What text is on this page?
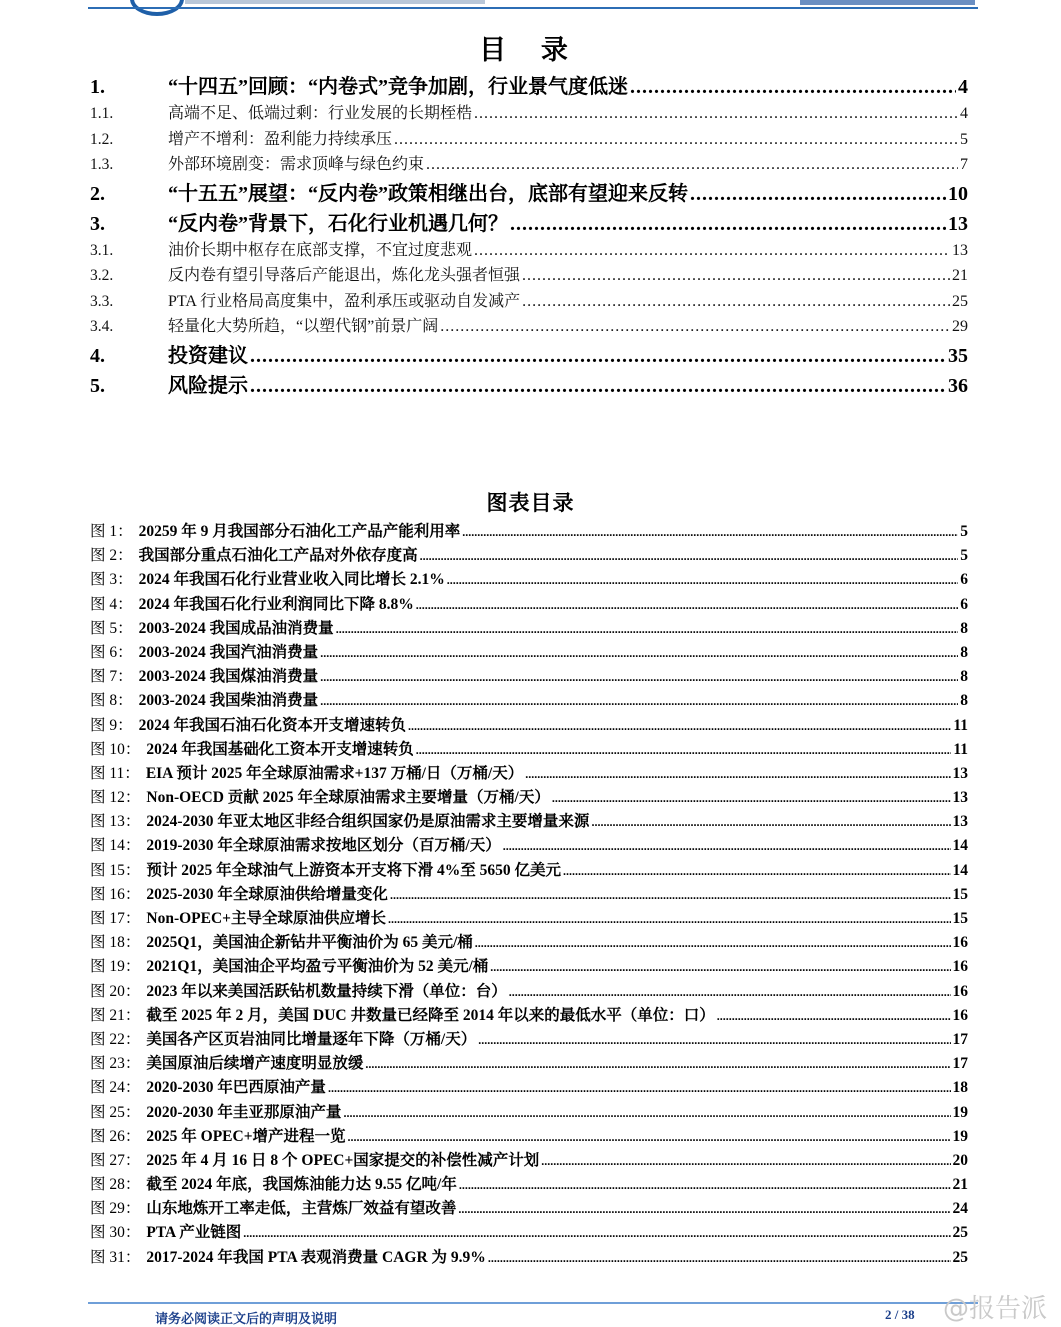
目 录
1.	“十四五”回顾：“内卷式”竞争加剧，行业景气度低迷 .....	4
1.1.	高端不足、低端过剩：行业发展的长期桎梏 .....	4
1.2.	增产不增利：盈利能力持续承压 .....	5
1.3.	外部环境剧变：需求顶峰与绿色约束 .....	7
2.	“十五五”展望：“反内卷”政策相继出台，底部有望迎来反转 .....	10
3.	“反内卷”背景下，石化行业机遇几何？ .....	13
3.1.	油价长期中枢存在底部支撑，不宜过度悲观 .....	13
3.2.	反内卷有望引导落后产能退出，炼化龙头强者恒强 .....	21
3.3.	PTA 行业格局高度集中，盈利承压或驱动自发减产 .....	25
3.4.	轻量化大势所趋，“以塑代钢”前景广阔 .....	29
4.	投资建议 .....	35
5.	风险提示 .....	36
图表目录
图 1： 20259 年 9 月我国部分石油化工产品产能利用率 .....	5
图 2： 我国部分重点石油化工产品对外依存度高 .....	5
图 3： 2024 年我国石化行业营业收入同比增长 2.1% .....	6
图 4： 2024 年我国石化行业利润同比下降 8.8% .....	6
图 5： 2003-2024 我国成品油消费量 .....	8
图 6： 2003-2024 我国汽油消费量 .....	8
图 7： 2003-2024 我国煤油消费量 .....	8
图 8： 2003-2024 我国柴油消费量 .....	8
图 9： 2024 年我国石油石化资本开支增速转负 .....	11
图 10： 2024 年我国基础化工资本开支增速转负 .....	11
图 11： EIA 预计 2025 年全球原油需求+137 万桶/日（万桶/天） .....	13
图 12： Non-OECD 贡献 2025 年全球原油需求主要增量（万桶/天） .....	13
图 13： 2024-2030 年亚太地区非经合组织国家仍是原油需求主要增量来源 .....	13
图 14： 2019-2030 年全球原油需求按地区划分（百万桶/天） .....	14
图 15： 预计 2025 年全球油气上游资本开支将下滑 4%至 5650 亿美元 .....	14
图 16： 2025-2030 年全球原油供给增量变化 .....	15
图 17： Non-OPEC+主导全球原油供应增长 .....	15
图 18： 2025Q1，美国油企新钻井平衡油价为 65 美元/桶 .....	16
图 19： 2021Q1，美国油企平均盈亏平衡油价为 52 美元/桶 .....	16
图 20： 2023 年以来美国活跃钻机数量持续下滑（单位：台） .....	16
图 21： 截至 2025 年 2 月，美国 DUC 井数量已经降至 2014 年以来的最低水平（单位：口） .....	16
图 22： 美国各产区页岩油同比增量逐年下降（万桶/天） .....	17
图 23： 美国原油后续增产速度明显放缓 .....	17
图 24： 2020-2030 年巴西原油产量 .....	18
图 25： 2020-2030 年圭亚那原油产量 .....	19
图 26： 2025 年 OPEC+增产进程一览 .....	19
图 27： 2025 年 4 月 16 日 8 个 OPEC+国家提交的补偿性减产计划 .....	20
图 28： 截至 2024 年底，我国炼油能力达 9.55 亿吨/年 .....	21
图 29： 山东地炼开工率走低，主营炼厂效益有望改善 .....	24
图 30： PTA 产业链图 .....	25
图 31： 2017-2024 年我国 PTA 表观消费量 CAGR 为 9.9% .....	25
请务必阅读正文后的声明及说明	2 / 38 @报告派
